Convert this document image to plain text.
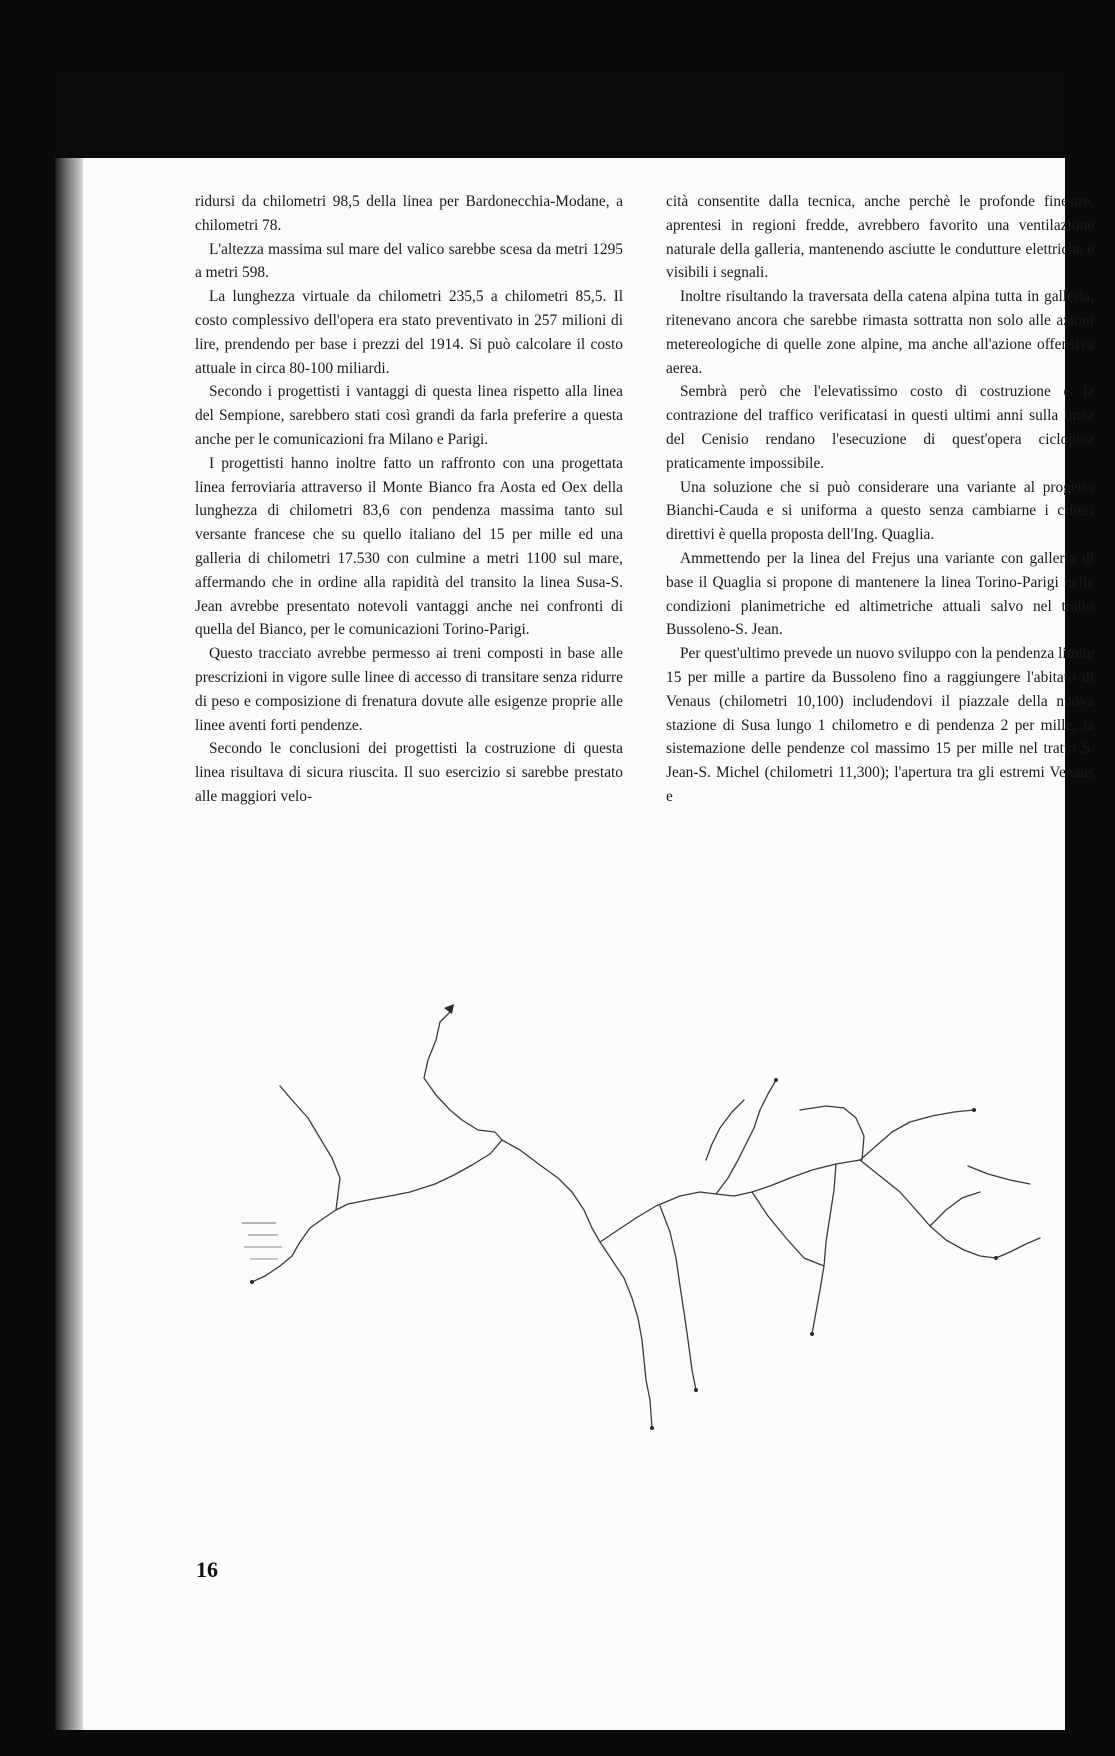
ridursi da chilometri 98,5 della linea per Bardonecchia-Modane, a chilometri 78.

L'altezza massima sul mare del valico sarebbe scesa da metri 1295 a metri 598.

La lunghezza virtuale da chilometri 235,5 a chilometri 85,5. Il costo complessivo dell'opera era stato preventivato in 257 milioni di lire, prendendo per base i prezzi del 1914. Si può calcolare il costo attuale in circa 80-100 miliardi.

Secondo i progettisti i vantaggi di questa linea rispetto alla linea del Sempione, sarebbero stati così grandi da farla preferire a questa anche per le comunicazioni fra Milano e Parigi.

I progettisti hanno inoltre fatto un raffronto con una progettata linea ferroviaria attraverso il Monte Bianco fra Aosta ed Oex della lunghezza di chilometri 83,6 con pendenza massima tanto sul versante francese che su quello italiano del 15 per mille ed una galleria di chilometri 17.530 con culmine a metri 1100 sul mare, affermando che in ordine alla rapidità del transito la linea Susa-S. Jean avrebbe presentato notevoli vantaggi anche nei confronti di quella del Bianco, per le comunicazioni Torino-Parigi.

Questo tracciato avrebbe permesso ai treni composti in base alle prescrizioni in vigore sulle linee di accesso di transitare senza ridurre di peso e composizione di frenatura dovute alle esigenze proprie alle linee aventi forti pendenze.

Secondo le conclusioni dei progettisti la costruzione di questa linea risultava di sicura riuscita. Il suo esercizio si sarebbe prestato alle maggiori velo-

cità consentite dalla tecnica, anche perchè le profonde finestre, aprentesi in regioni fredde, avrebbero favorito una ventilazione naturale della galleria, mantenendo asciutte le condutture elettriche e visibili i segnali.

Inoltre risultando la traversata della catena alpina tutta in galleria, ritenevano ancora che sarebbe rimasta sottratta non solo alle azioni metereologiche di quelle zone alpine, ma anche all'azione offensiva aerea.

Sembrà però che l'elevatissimo costo di costruzione e la contrazione del traffico verificatasi in questi ultimi anni sulla linea del Cenisio rendano l'esecuzione di quest'opera ciclopica praticamente impossibile.

Una soluzione che si può considerare una variante al progetto Bianchi-Cauda e si uniforma a questo senza cambiarne i criteri direttivi è quella proposta dell'Ing. Quaglia.

Ammettendo per la linea del Frejus una variante con galleria di base il Quaglia si propone di mantenere la linea Torino-Parigi nelle condizioni planimetriche ed altimetriche attuali salvo nel tratto Bussoleno-S. Jean.

Per quest'ultimo prevede un nuovo sviluppo con la pendenza limite 15 per mille a partire da Bussoleno fino a raggiungere l'abitato di Venaus (chilometri 10,100) includendovi il piazzale della nuova stazione di Susa lungo 1 chilometro e di pendenza 2 per mille; la sistemazione delle pendenze col massimo 15 per mille nel tratto S. Jean-S. Michel (chilometri 11,300); l'apertura tra gli estremi Venaus e

16
